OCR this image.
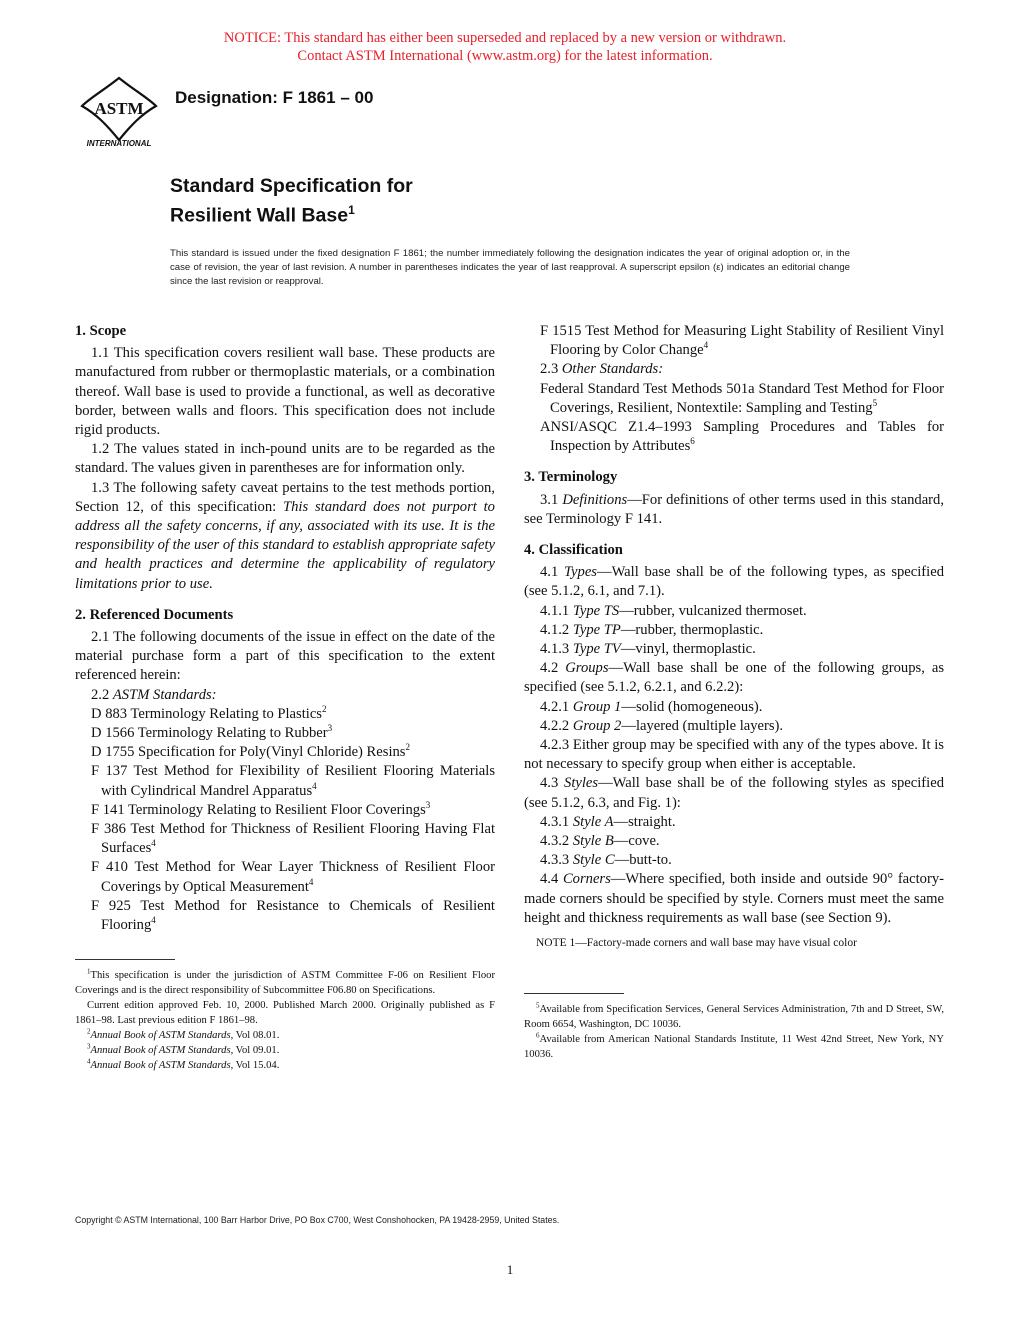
NOTICE: This standard has either been superseded and replaced by a new version or withdrawn.
Contact ASTM International (www.astm.org) for the latest information.
ASTM
INTERNATIONAL
Designation: F 1861 – 00
Standard Specification for
Resilient Wall Base$^1$
This standard is issued under the fixed designation F 1861; the number immediately following the designation indicates the year of original adoption or, in the case of revision, the year of last revision. A number in parentheses indicates the year of last reapproval. A superscript epsilon (ε) indicates an editorial change since the last revision or reapproval.

1. Scope

1.1 This specification covers resilient wall base. These products are manufactured from rubber or thermoplastic materials, or a combination thereof. Wall base is used to provide a functional, as well as decorative border, between walls and floors. This specification does not include rigid products.

1.2 The values stated in inch-pound units are to be regarded as the standard. The values given in parentheses are for information only.

1.3 The following safety caveat pertains to the test methods portion, Section 12, of this specification: This standard does not purport to address all the safety concerns, if any, associated with its use. It is the responsibility of the user of this standard to establish appropriate safety and health practices and determine the applicability of regulatory limitations prior to use.

2. Referenced Documents

2.1 The following documents of the issue in effect on the date of the material purchase form a part of this specification to the extent referenced herein:

2.2 ASTM Standards:

D 883 Terminology Relating to Plastics$^2$

D 1566 Terminology Relating to Rubber$^3$

D 1755 Specification for Poly(Vinyl Chloride) Resins$^2$

F 137 Test Method for Flexibility of Resilient Flooring Materials with Cylindrical Mandrel Apparatus$^4$

F 141 Terminology Relating to Resilient Floor Coverings$^3$

F 386 Test Method for Thickness of Resilient Flooring Having Flat Surfaces$^4$

F 410 Test Method for Wear Layer Thickness of Resilient Floor Coverings by Optical Measurement$^4$

F 925 Test Method for Resistance to Chemicals of Resilient Flooring$^4$

$^1$This specification is under the jurisdiction of ASTM Committee F-06 on Resilient Floor Coverings and is the direct responsibility of Subcommittee F06.80 on Specifications.

Current edition approved Feb. 10, 2000. Published March 2000. Originally published as F 1861–98. Last previous edition F 1861–98.

$^2$Annual Book of ASTM Standards, Vol 08.01.

$^3$Annual Book of ASTM Standards, Vol 09.01.

$^4$Annual Book of ASTM Standards, Vol 15.04.

F 1515 Test Method for Measuring Light Stability of Resilient Vinyl Flooring by Color Change$^4$

2.3 Other Standards:

Federal Standard Test Methods 501a Standard Test Method for Floor Coverings, Resilient, Nontextile: Sampling and Testing$^5$

ANSI/ASQC Z1.4–1993 Sampling Procedures and Tables for Inspection by Attributes$^6$

3. Terminology

3.1 Definitions—For definitions of other terms used in this standard, see Terminology F 141.

4. Classification

4.1 Types—Wall base shall be of the following types, as specified (see 5.1.2, 6.1, and 7.1).

4.1.1 Type TS—rubber, vulcanized thermoset.

4.1.2 Type TP—rubber, thermoplastic.

4.1.3 Type TV—vinyl, thermoplastic.

4.2 Groups—Wall base shall be one of the following groups, as specified (see 5.1.2, 6.2.1, and 6.2.2):

4.2.1 Group 1—solid (homogeneous).

4.2.2 Group 2—layered (multiple layers).

4.2.3 Either group may be specified with any of the types above. It is not necessary to specify group when either is acceptable.

4.3 Styles—Wall base shall be of the following styles as specified (see 5.1.2, 6.3, and Fig. 1):

4.3.1 Style A—straight.

4.3.2 Style B—cove.

4.3.3 Style C—butt-to.

4.4 Corners—Where specified, both inside and outside 90° factory-made corners should be specified by style. Corners must meet the same height and thickness requirements as wall base (see Section 9).

NOTE 1—Factory-made corners and wall base may have visual color

$^5$Available from Specification Services, General Services Administration, 7th and D Street, SW, Room 6654, Washington, DC 10036.

$^6$Available from American National Standards Institute, 11 West 42nd Street, New York, NY 10036.

Copyright © ASTM International, 100 Barr Harbor Drive, PO Box C700, West Conshohocken, PA 19428-2959, United States.
1
